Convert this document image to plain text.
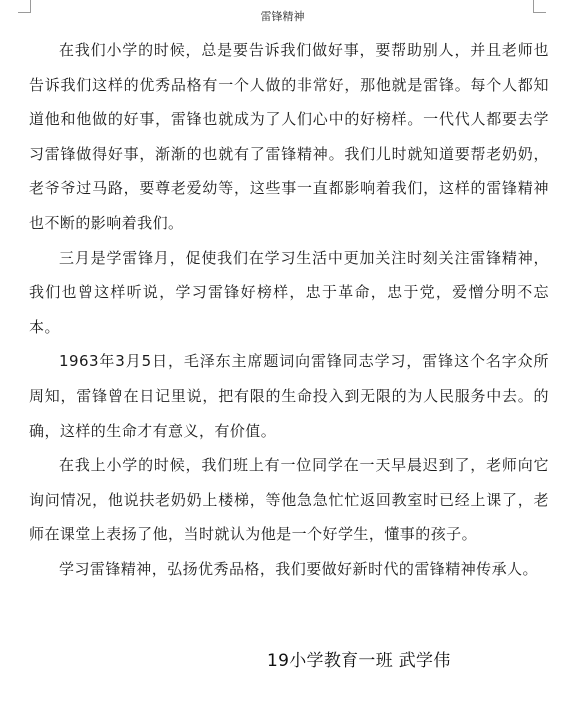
雷锋精神

在我们小学的时候，总是要告诉我们做好事，要帮助别人，并且老师也告诉我们这样的优秀品格有一个人做的非常好，那他就是雷锋。每个人都知道他和他做的好事，雷锋也就成为了人们心中的好榜样。一代代人都要去学习雷锋做得好事，渐渐的也就有了雷锋精神。我们儿时就知道要帮老奶奶，老爷爷过马路，要尊老爱幼等，这些事一直都影响着我们，这样的雷锋精神也不断的影响着我们。

三月是学雷锋月，促使我们在学习生活中更加关注时刻关注雷锋精神，我们也曾这样听说，学习雷锋好榜样，忠于革命，忠于党，爱憎分明不忘本。

1963年3月5日，毛泽东主席题词向雷锋同志学习，雷锋这个名字众所周知，雷锋曾在日记里说，把有限的生命投入到无限的为人民服务中去。的确，这样的生命才有意义，有价值。

在我上小学的时候，我们班上有一位同学在一天早晨迟到了，老师向它询问情况，他说扶老奶奶上楼梯，等他急急忙忙返回教室时已经上课了，老师在课堂上表扬了他，当时就认为他是一个好学生，懂事的孩子。

学习雷锋精神，弘扬优秀品格，我们要做好新时代的雷锋精神传承人。

19小学教育一班 武学伟
